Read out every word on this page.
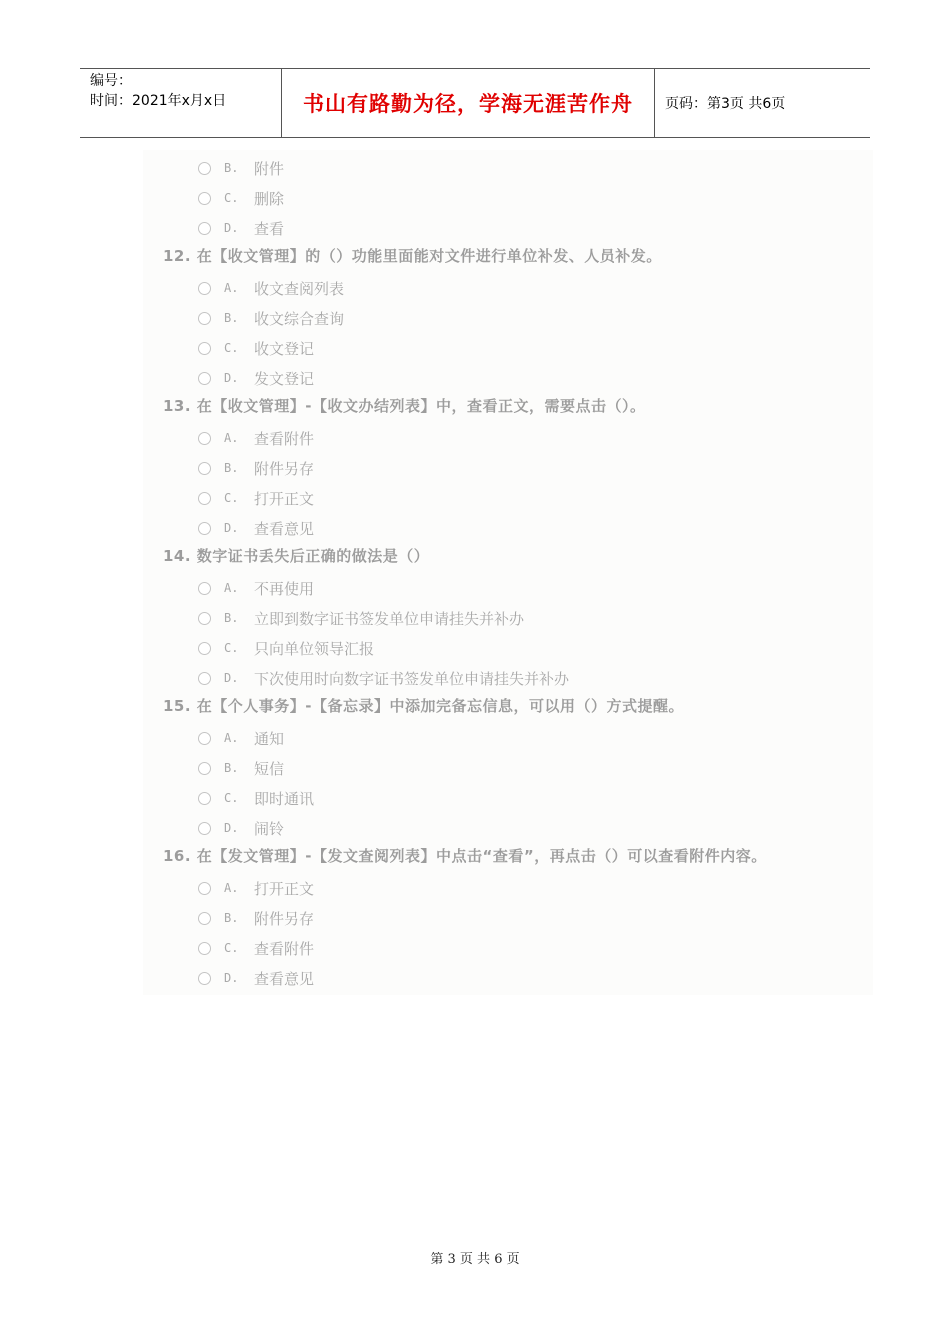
编号：
时间：2021年x月x日	书山有路勤为径，学海无涯苦作舟	页码：第3页 共6页
B.	附件
C.	删除
D.	查看
12. 在【收文管理】的（）功能里面能对文件进行单位补发、人员补发。
A.	收文查阅列表
B.	收文综合查询
C.	收文登记
D.	发文登记
13. 在【收文管理】-【收文办结列表】中，查看正文，需要点击（）。
A.	查看附件
B.	附件另存
C.	打开正文
D.	查看意见
14. 数字证书丢失后正确的做法是（）
A.	不再使用
B.	立即到数字证书签发单位申请挂失并补办
C.	只向单位领导汇报
D.	下次使用时向数字证书签发单位申请挂失并补办
15. 在【个人事务】-【备忘录】中添加完备忘信息，可以用（）方式提醒。
A.	通知
B.	短信
C.	即时通讯
D.	闹铃
16. 在【发文管理】-【发文查阅列表】中点击“查看”，再点击（）可以查看附件内容。
A.	打开正文
B.	附件另存
C.	查看附件
D.	查看意见
第 3 页 共 6 页
